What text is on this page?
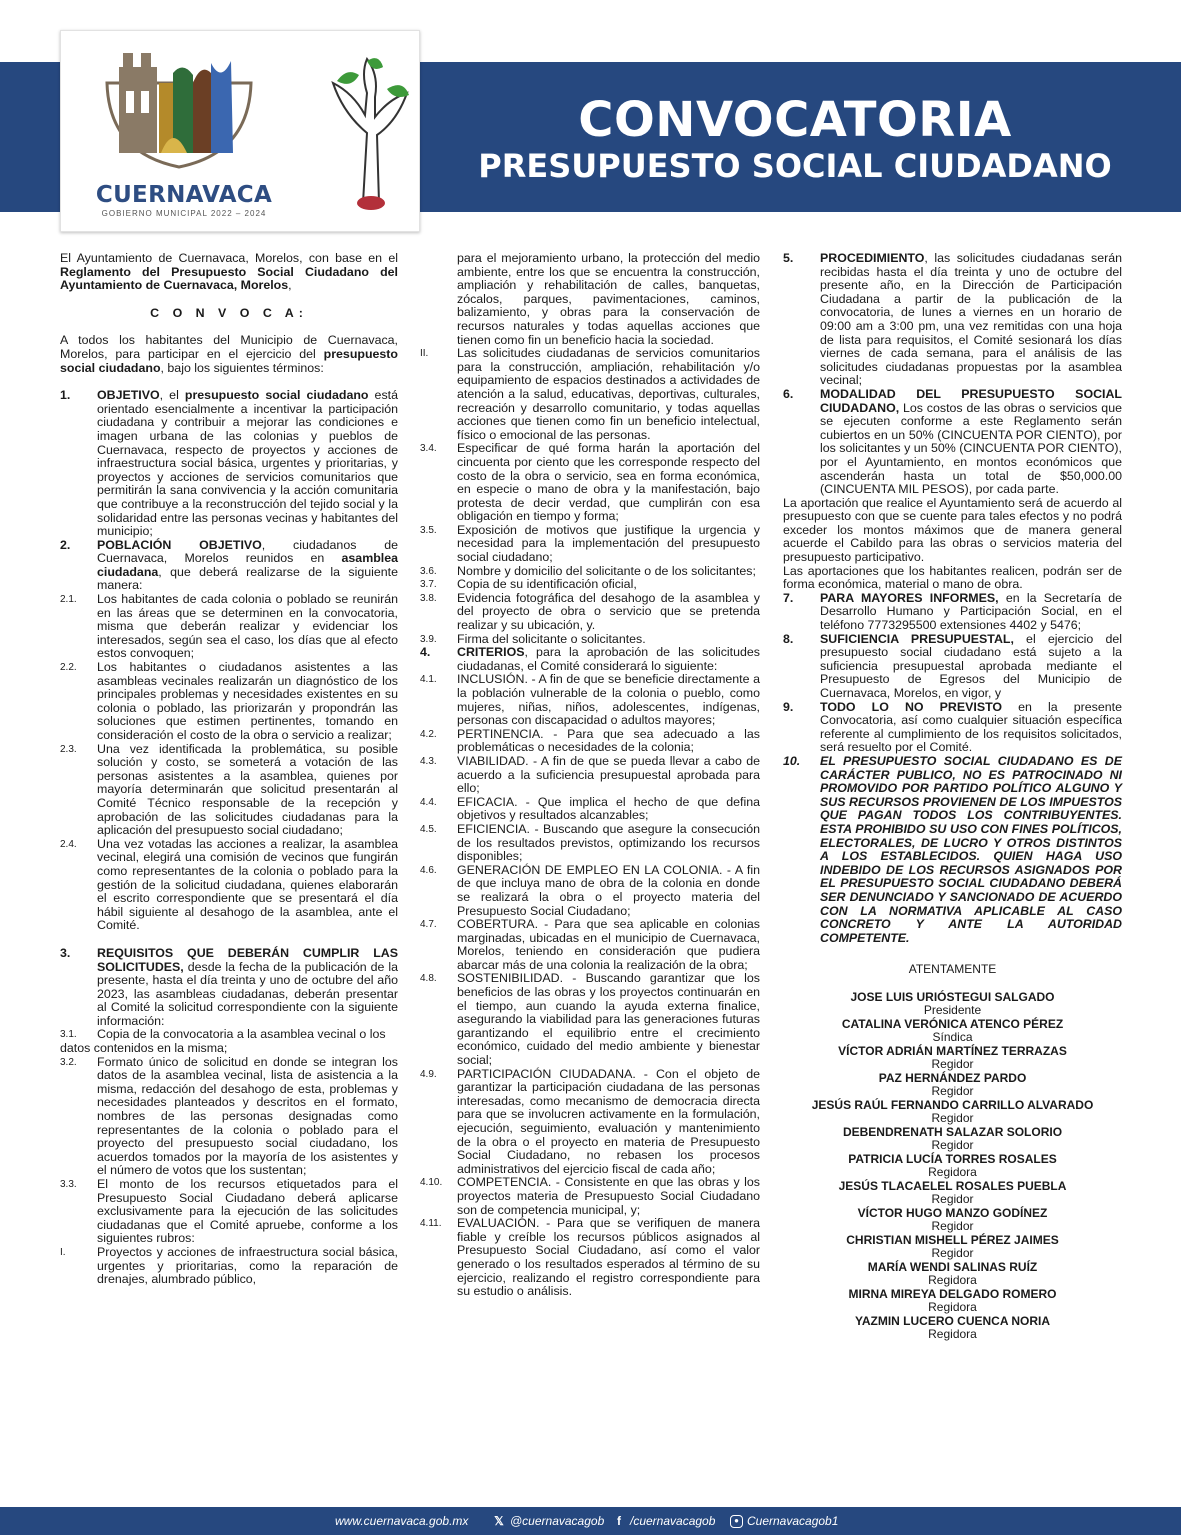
CONVOCATORIA
PRESUPUESTO SOCIAL CIUDADANO
CUERNAVACA
GOBIERNO MUNICIPAL 2022 – 2024

El Ayuntamiento de Cuernavaca, Morelos, con base en el Reglamento del Presupuesto Social Ciudadano del Ayuntamiento de Cuernavaca, Morelos,

C O N V O C A:

A todos los habitantes del Municipio de Cuernavaca, Morelos, para participar en el ejercicio del presupuesto social ciudadano, bajo los siguientes términos:

1.	OBJETIVO, el presupuesto social ciudadano está orientado esencialmente a incentivar la participación ciudadana y contribuir a mejorar las condiciones e imagen urbana de las colonias y pueblos de Cuernavaca, respecto de proyectos y acciones de infraestructura social básica, urgentes y prioritarias, y proyectos y acciones de servicios comunitarios que permitirán la sana convivencia y la acción comunitaria que contribuye a la reconstrucción del tejido social y la solidaridad entre las personas vecinas y habitantes del municipio;
2.	POBLACIÓN OBJETIVO, ciudadanos de Cuernavaca, Morelos reunidos en asamblea ciudadana, que deberá realizarse de la siguiente manera:
2.1.	Los habitantes de cada colonia o poblado se reunirán en las áreas que se determinen en la convocatoria, misma que deberán realizar y evidenciar los interesados, según sea el caso, los días que al efecto estos convoquen;
2.2.	Los habitantes o ciudadanos asistentes a las asambleas vecinales realizarán un diagnóstico de los principales problemas y necesidades existentes en su colonia o poblado, las priorizarán y propondrán las soluciones que estimen pertinentes, tomando en consideración el costo de la obra o servicio a realizar;
2.3.	Una vez identificada la problemática, su posible solución y costo, se someterá a votación de las personas asistentes a la asamblea, quienes por mayoría determinarán que solicitud presentarán al Comité Técnico responsable de la recepción y aprobación de las solicitudes ciudadanas para la aplicación del presupuesto social ciudadano;
2.4.	Una vez votadas las acciones a realizar, la asamblea vecinal, elegirá una comisión de vecinos que fungirán como representantes de la colonia o poblado para la gestión de la solicitud ciudadana, quienes elaborarán el escrito correspondiente que se presentará el día hábil siguiente al desahogo de la asamblea, ante el Comité.
3.	REQUISITOS QUE DEBERÁN CUMPLIR LAS SOLICITUDES, desde la fecha de la publicación de la presente, hasta el día treinta y uno de octubre del año 2023, las asambleas ciudadanas, deberán presentar al Comité la solicitud correspondiente con la siguiente información:
3.1.	Copia de la convocatoria a la asamblea vecinal o los

datos contenidos en la misma;

3.2.	Formato único de solicitud en donde se integran los datos de la asamblea vecinal, lista de asistencia a la misma, redacción del desahogo de esta, problemas y necesidades planteados y descritos en el formato, nombres de las personas designadas como representantes de la colonia o poblado para el proyecto del presupuesto social ciudadano, los acuerdos tomados por la mayoría de los asistentes y el número de votos que los sustentan;
3.3.	El monto de los recursos etiquetados para el Presupuesto Social Ciudadano deberá aplicarse exclusivamente para la ejecución de las solicitudes ciudadanas que el Comité apruebe, conforme a los siguientes rubros:
I.	Proyectos y acciones de infraestructura social básica, urgentes y prioritarias, como la reparación de drenajes, alumbrado público,
para el mejoramiento urbano, la protección del medio ambiente, entre los que se encuentra la construcción, ampliación y rehabilitación de calles, banquetas, zócalos, parques, pavimentaciones, caminos, balizamiento, y obras para la conservación de recursos naturales y todas aquellas acciones que tienen como fin un beneficio hacia la sociedad.
II.	Las solicitudes ciudadanas de servicios comunitarios para la construcción, ampliación, rehabilitación y/o equipamiento de espacios destinados a actividades de atención a la salud, educativas, deportivas, culturales, recreación y desarrollo comunitario, y todas aquellas acciones que tienen como fin un beneficio intelectual, físico o emocional de las personas.
3.4.	Especificar de qué forma harán la aportación del cincuenta por ciento que les corresponde respecto del costo de la obra o servicio, sea en forma económica, en especie o mano de obra y la manifestación, bajo protesta de decir verdad, que cumplirán con esa obligación en tiempo y forma;
3.5.	Exposición de motivos que justifique la urgencia y necesidad para la implementación del presupuesto social ciudadano;
3.6.	Nombre y domicilio del solicitante o de los solicitantes;
3.7.	Copia de su identificación oficial,
3.8.	Evidencia fotográfica del desahogo de la asamblea y del proyecto de obra o servicio que se pretenda realizar y su ubicación, y.
3.9.	Firma del solicitante o solicitantes.
4.	CRITERIOS, para la aprobación de las solicitudes ciudadanas, el Comité considerará lo siguiente:
4.1.	INCLUSIÓN. - A fin de que se beneficie directamente a la población vulnerable de la colonia o pueblo, como mujeres, niñas, niños, adolescentes, indígenas, personas con discapacidad o adultos mayores;
4.2.	PERTINENCIA. - Para que sea adecuado a las problemáticas o necesidades de la colonia;
4.3.	VIABILIDAD. - A fin de que se pueda llevar a cabo de acuerdo a la suficiencia presupuestal aprobada para ello;
4.4.	EFICACIA. - Que implica el hecho de que defina objetivos y resultados alcanzables;
4.5.	EFICIENCIA. - Buscando que asegure la consecución de los resultados previstos, optimizando los recursos disponibles;
4.6.	GENERACIÓN DE EMPLEO EN LA COLONIA. - A fin de que incluya mano de obra de la colonia en donde se realizará la obra o el proyecto materia del Presupuesto Social Ciudadano;
4.7.	COBERTURA. - Para que sea aplicable en colonias marginadas, ubicadas en el municipio de Cuernavaca, Morelos, teniendo en consideración que pudiera abarcar más de una colonia la realización de la obra;
4.8.	SOSTENIBILIDAD. - Buscando garantizar que los beneficios de las obras y los proyectos continuarán en el tiempo, aun cuando la ayuda externa finalice, asegurando la viabilidad para las generaciones futuras garantizando el equilibrio entre el crecimiento económico, cuidado del medio ambiente y bienestar social;
4.9.	PARTICIPACIÓN CIUDADANA. - Con el objeto de garantizar la participación ciudadana de las personas interesadas, como mecanismo de democracia directa para que se involucren activamente en la formulación, ejecución, seguimiento, evaluación y mantenimiento de la obra o el proyecto en materia de Presupuesto Social Ciudadano, no rebasen los procesos administrativos del ejercicio fiscal de cada año;
4.10.	COMPETENCIA. - Consistente en que las obras y los proyectos materia de Presupuesto Social Ciudadano son de competencia municipal, y;
4.11.	EVALUACIÓN. - Para que se verifiquen de manera fiable y creíble los recursos públicos asignados al Presupuesto Social Ciudadano, así como el valor generado o los resultados esperados al término de su ejercicio, realizando el registro correspondiente para su estudio o análisis.
5.	PROCEDIMIENTO, las solicitudes ciudadanas serán recibidas hasta el día treinta y uno de octubre del presente año, en la Dirección de Participación Ciudadana a partir de la publicación de la convocatoria, de lunes a viernes en un horario de 09:00 am a 3:00 pm, una vez remitidas con una hoja de lista para requisitos, el Comité sesionará los días viernes de cada semana, para el análisis de las solicitudes ciudadanas propuestas por la asamblea vecinal;
6.	MODALIDAD DEL PRESUPUESTO SOCIAL CIUDADANO, Los costos de las obras o servicios que se ejecuten conforme a este Reglamento serán cubiertos en un 50% (CINCUENTA POR CIENTO), por los solicitantes y un 50% (CINCUENTA POR CIENTO), por el Ayuntamiento, en montos económicos que ascenderán hasta un total de $50,000.00 (CINCUENTA MIL PESOS), por cada parte.

La aportación que realice el Ayuntamiento será de acuerdo al presupuesto con que se cuente para tales efectos y no podrá exceder los montos máximos que de manera general acuerde el Cabildo para las obras o servicios materia del presupuesto participativo.

Las aportaciones que los habitantes realicen, podrán ser de forma económica, material o mano de obra.

7.	PARA MAYORES INFORMES, en la Secretaría de Desarrollo Humano y Participación Social, en el teléfono 7773295500 extensiones 4402 y 5476;
8.	SUFICIENCIA PRESUPUESTAL, el ejercicio del presupuesto social ciudadano está sujeto a la suficiencia presupuestal aprobada mediante el Presupuesto de Egresos del Municipio de Cuernavaca, Morelos, en vigor, y
9.	TODO LO NO PREVISTO en la presente Convocatoria, así como cualquier situación específica referente al cumplimiento de los requisitos solicitados, será resuelto por el Comité.
10.	EL PRESUPUESTO SOCIAL CIUDADANO ES DE CARÁCTER PUBLICO, NO ES PATROCINADO NI PROMOVIDO POR PARTIDO POLÍTICO ALGUNO Y SUS RECURSOS PROVIENEN DE LOS IMPUESTOS QUE PAGAN TODOS LOS CONTRIBUYENTES. ESTA PROHIBIDO SU USO CON FINES POLÍTICOS, ELECTORALES, DE LUCRO Y OTROS DISTINTOS A LOS ESTABLECIDOS. QUIEN HAGA USO INDEBIDO DE LOS RECURSOS ASIGNADOS POR EL PRESUPUESTO SOCIAL CIUDADANO DEBERÁ SER DENUNCIADO Y SANCIONADO DE ACUERDO CON LA NORMATIVA APLICABLE AL CASO CONCRETO Y ANTE LA AUTORIDAD COMPETENTE.
ATENTAMENTE
JOSE LUIS URIÓSTEGUI SALGADO
Presidente
CATALINA VERÓNICA ATENCO PÉREZ
Síndica
VÍCTOR ADRIÁN MARTÍNEZ TERRAZAS
Regidor
PAZ HERNÁNDEZ PARDO
Regidor
JESÚS RAÚL FERNANDO CARRILLO ALVARADO
Regidor
DEBENDRENATH SALAZAR SOLORIO
Regidor
PATRICIA LUCÍA TORRES ROSALES
Regidora
JESÚS TLACAELEL ROSALES PUEBLA
Regidor
VÍCTOR HUGO MANZO GODÍNEZ
Regidor
CHRISTIAN MISHELL PÉREZ JAIMES
Regidor
MARÍA WENDI SALINAS RUÍZ
Regidora
MIRNA MIREYA DELGADO ROMERO
Regidora
YAZMIN LUCERO CUENCA NORIA
Regidora
www.cuernavaca.gob.mx 𝕏 @cuernavacagob	f /cuernavacagob	● Cuernavacagob1
